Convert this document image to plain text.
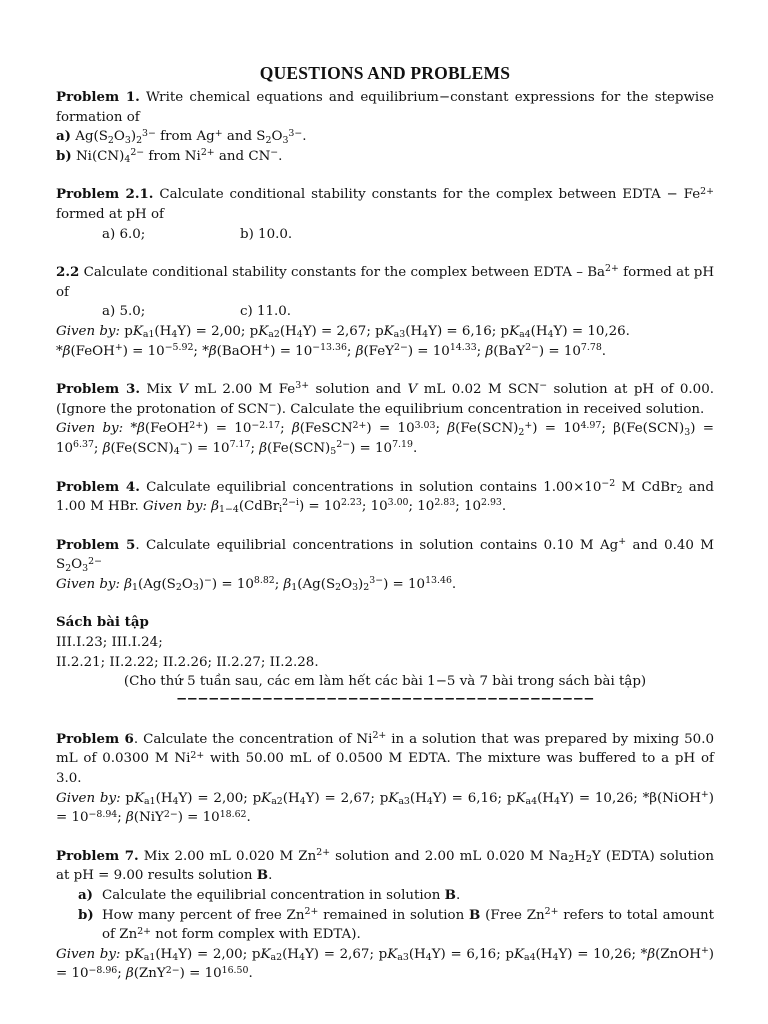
QUESTIONS AND PROBLEMS

Problem 1. Write chemical equations and equilibrium−constant expressions for the stepwise formation of

a) $Ag(S_2O_3)_2^{3-}$ from Ag+ and $S_2O_3^{3-}$.

b) $Ni(CN)_4^{2-}$ from $Ni^{2+}$ and CN−.

Problem 2.1. Calculate conditional stability constants for the complex between EDTA − $Fe^{2+}$ formed at pH of

a) 6.0;	b) 10.0.

2.2 Calculate conditional stability constants for the complex between EDTA – $Ba^{2+}$ formed at pH of

a) 5.0;	c) 11.0.

Given by: $pK_{a1}(H_4Y) = 2,00$; $pK_{a2}(H_4Y) = 2,67$; $pK_{a3}(H_4Y) = 6,16$; $pK_{a4}(H_4Y) = 10,26$.

*β(FeOH+) = $10^{-5.92}$; *β(BaOH+) = $10^{-13.36}$; $\beta(FeY^{2-}) = 10^{14.33}$; $\beta(BaY^{2-}) = 10^{7.78}$.

Problem 3. Mix V mL 2.00 M $Fe^{3+}$ solution and V mL 0.02 M SCN− solution at pH of 0.00. (Ignore the protonation of SCN−). Calculate the equilibrium concentration in received solution.

Given by: *β(FeOH$^{2+}$) = $10^{-2.17}$; β(FeSCN$^{2+}$) = $10^{3.03}$; $\beta(Fe(SCN)_2^+) = 10^{4.97}$; $\beta(Fe(SCN)_3) = 10^{6.37}$; $\beta(Fe(SCN)_4^-) = 10^{7.17}$; $\beta(Fe(SCN)_5^{2-}) = 10^{7.19}$.

Problem 4. Calculate equilibrial concentrations in solution contains $1.00\times 10^{-2}$ M CdBr$_2$ and 1.00 M HBr. Given by: $\beta_{1-4}(CdBr_i^{2-i}) = 10^{2.23}$; $10^{3.00}$; $10^{2.83}$; $10^{2.93}$.

Problem 5. Calculate equilibrial concentrations in solution contains 0.10 M Ag+ and 0.40 M $S_2O_3^{2-}$

Given by: $\beta_1(Ag(S_2O_3)^-) = 10^{8.82}$; $\beta_1(Ag(S_2O_3)_2^{3-}) = 10^{13.46}$.

Sách bài tập

III.I.23; III.I.24;

II.2.21; II.2.22; II.2.26; II.2.27; II.2.28.

(Cho thứ 5 tuần sau, các em làm hết các bài 1−5 và 7 bài trong sách bài tập)

−−−−−−−−−−−−−−−−−−−−−−−−−−−−−−−−−−−−−−−

Problem 6. Calculate the concentration of $Ni^{2+}$ in a solution that was prepared by mixing 50.0 mL of 0.0300 M $Ni^{2+}$ with 50.00 mL of 0.0500 M EDTA. The mixture was buffered to a pH of 3.0.

Given by: $pK_{a1}(H_4Y) = 2,00$; $pK_{a2}(H_4Y) = 2,67$; $pK_{a3}(H_4Y) = 6,16$; $pK_{a4}(H_4Y) = 10,26$; *β(NiOH+) = $10^{-8.94}$; $\beta(NiY^{2-}) = 10^{18.62}$.

Problem 7. Mix 2.00 mL 0.020 M $Zn^{2+}$ solution and 2.00 mL 0.020 M $Na_2H_2Y$ (EDTA) solution at pH = 9.00 results solution B.

a) Calculate the equilibrial concentration in solution B.
b) How many percent of free $Zn^{2+}$ remained in solution B (Free $Zn^{2+}$ refers to total amount of $Zn^{2+}$ not form complex with EDTA).

Given by: $pK_{a1}(H_4Y) = 2,00$; $pK_{a2}(H_4Y) = 2,67$; $pK_{a3}(H_4Y) = 6,16$; $pK_{a4}(H_4Y) = 10,26$; *β(ZnOH+) = $10^{-8.96}$; $\beta(ZnY^{2-}) = 10^{16.50}$.
